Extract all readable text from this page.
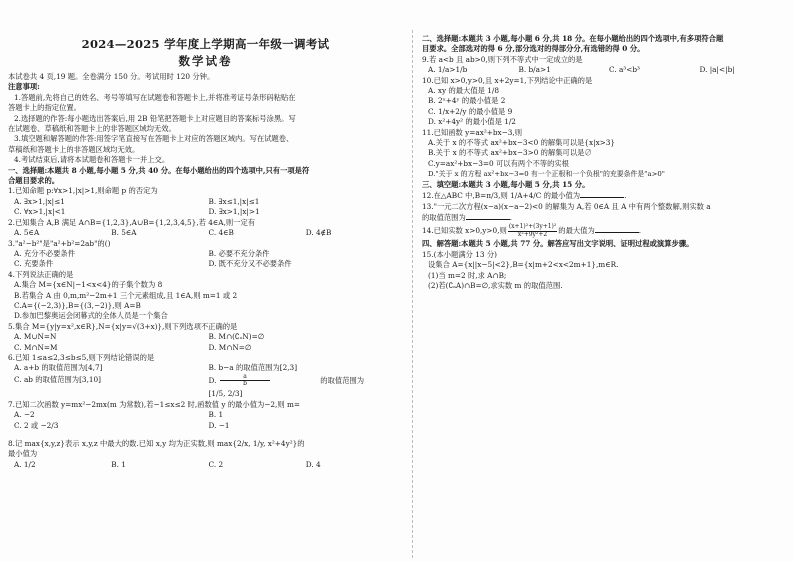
2024—2025 学年度上学期高一年级一调考试
数学试卷
本试卷共 4 页,19 题。全卷满分 150 分。考试用时 120 分钟。
注意事项:
1.答题前,先将自己的姓名、考号等填写在试题卷和答题卡上,并将准考证号条形码粘贴在
答题卡上的指定位置。
2.选择题的作答:每小题选出答案后,用 2B 铅笔把答题卡上对应题目的答案标号涂黑。写
在试题卷、草稿纸和答题卡上的非答题区域均无效。
3.填空题和解答题的作答:用签字笔直接写在答题卡上对应的答题区域内。写在试题卷、
草稿纸和答题卡上的非答题区域均无效。
4.考试结束后,请将本试题卷和答题卡一并上交。
一、选择题:本题共 8 小题,每小题 5 分,共 40 分。在每小题给出的四个选项中,只有一项是符
合题目要求的。
1.已知命题 p:∀x>1,|x|>1,则命题 p 的否定为
A. ∃x>1,|x|≤1	B. ∃x≤1,|x|≤1
C. ∀x>1,|x|<1	D. ∃x>1,|x|>1
2.已知集合 A,B 满足 A∩B={1,2,3},A∪B={1,2,3,4,5},若 4∈A,则一定有
A. 5∈A	B. 5∈A	C. 4∈B	D. 4∉B
3."a²−b²"是"a²+b²=2ab"的()
A. 充分不必要条件	B. 必要不充分条件
C. 充要条件	D. 既不充分又不必要条件
4.下列说法正确的是
A.集合 M={x∈N|−1<x<4}的子集个数为 8
B.若集合 A 由 0,m,m²−2m+1 三个元素组成,且 1∈A,则 m=1 或 2
C.A={(−2,3)},B={(3,−2)},则 A=B
D.参加巴黎奥运会闭幕式的全体人员是一个集合
5.集合 M={y|y=x²,x∈R},N={x|y=√(3+x)},则下列选项不正确的是
A. M∪N=N	B. M∩(∁ₒN)=∅
C. M∩N=M	D. M∩N=∅
6.已知 1≤a≤2,3≤b≤5,则下列结论错误的是
A. a+b 的取值范围为[4,7]	B. b−a 的取值范围为[2,3]
C. ab 的取值范围为[3,10]	D. $\frac{a}{b}$ 的取值范围为 [1/5, 2/3]
7.已知二次函数 y=mx²−2mx(m 为常数),若−1≤x≤2 时,函数值 y 的最小值为−2,则 m=
A. −2	B. 1
C. 2 或 −2/3	D. −1
8.记 max{x,y,z}表示 x,y,z 中最大的数.已知 x,y 均为正实数,则 max{2/x, 1/y, x²+4y²}的
最小值为
A. 1/2	B. 1	C. 2	D. 4
二、选择题:本题共 3 小题,每小题 6 分,共 18 分。在每小题给出的四个选项中,有多项符合题
目要求。全部选对的得 6 分,部分选对的得部分分,有选错的得 0 分。
9.若 a<b 且 ab>0,则下列不等式中一定成立的是
A. 1/a>1/b	B. b/a>1	C. a³<b³	D. |a|<|b|
10.已知 x>0,y>0,且 x+2y=1,下列结论中正确的是
A. xy 的最大值是 1/8
B. 2ˣ+4ʸ 的最小值是 2
C. 1/x+2/y 的最小值是 9
D. x²+4y² 的最小值是 1/2
11.已知函数 y=ax²+bx−3,则
A.关于 x 的不等式 ax²+bx−3<0 的解集可以是{x|x>3}
B.关于 x 的不等式 ax²+bx−3>0 的解集可以是∅
C.y=ax²+bx−3=0 可以有两个不等的实根
D."关于 x 的方程 ax²+bx−3=0 有一个正根和一个负根"的充要条件是"a>0"
三、填空题:本题共 3 小题,每小题 5 分,共 15 分。
12.在△ABC 中,B=π/3,则 1/A+4/C 的最小值为	.
13."一元二次方程(x−a)(x−a−2)<0 的解集为 A,若 0∈A 且 A 中有两个整数解,则实数 a
的取值范围为	.
14.已知实数 x>0,y>0,则 $\frac{\text{(x+1)²+(3y+1)²}}{\text{x²+9y²+2}}$ 的最大值为	.
四、解答题:本题共 5 小题,共 77 分。解答应写出文字说明、证明过程或演算步骤。
15.(本小题满分 13 分)
设集合 A={x||x−5|<2},B={x|m+2<x<2m+1},m∈R.
(1)当 m=2 时,求 A∩B;
(2)若(∁ₐA)∩B=∅,求实数 m 的取值范围.
